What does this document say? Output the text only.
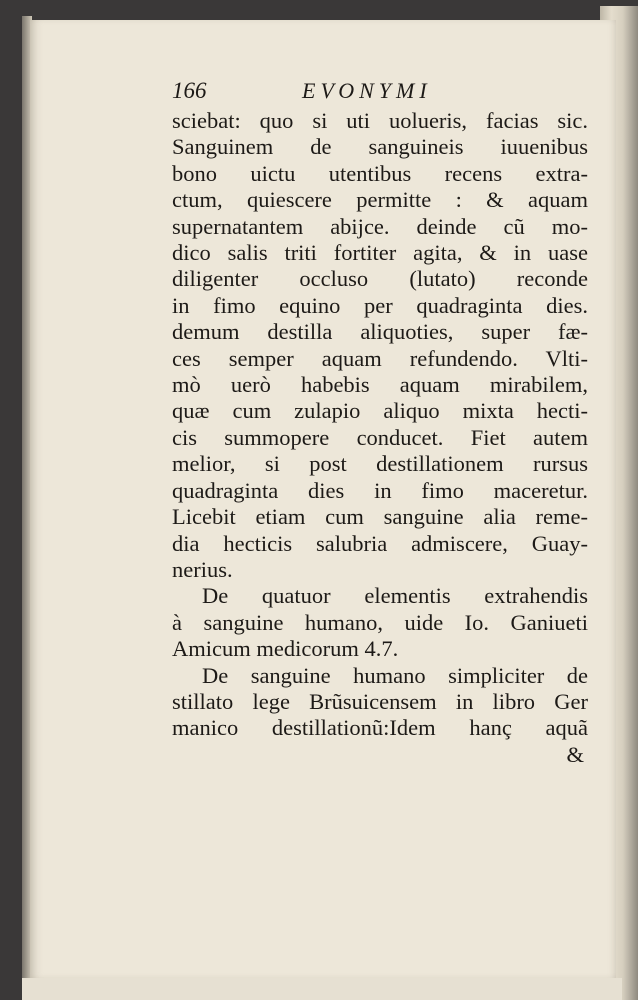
166	EVONYMI
sciebat: quo si uti uolueris, facias sic.
Sanguinem de sanguineis iuuenibus
bono uictu utentibus recens extra-
ctum, quiescere permitte : & aquam
supernatantem abijce. deinde cũ mo-
dico salis triti fortiter agita, & in uase
diligenter occluso (lutato) reconde
in fimo equino per quadraginta dies.
demum destilla aliquoties, super fæ-
ces semper aquam refundendo. Vlti-
mò uerò habebis aquam mirabilem,
quæ cum zulapio aliquo mixta hecti-
cis summopere conducet. Fiet autem
melior, si post destillationem rursus
quadraginta dies in fimo maceretur.
Licebit etiam cum sanguine alia reme-
dia hecticis salubria admiscere, Guay-
nerius.
De quatuor elementis extrahendis
à sanguine humano, uide Io. Ganiueti
Amicum medicorum 4.7.
De sanguine humano simpliciter de
stillato lege Brũsuicensem in libro Ger
manico destillationũ:Idem hanç aquã
&
